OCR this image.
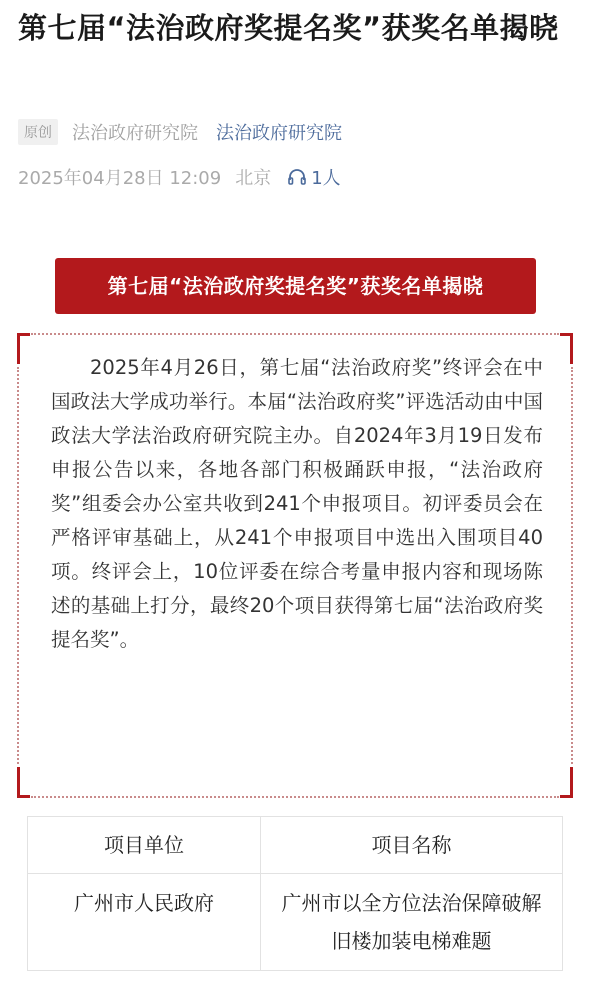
第七届“法治政府奖提名奖”获奖名单揭晓
原创	法治政府研究院 法治政府研究院
2025年04月28日 12:09 北京 1人
第七届“法治政府奖提名奖”获奖名单揭晓

2025年4月26日，第七届“法治政府奖”终评会在中国政法大学成功举行。本届“法治政府奖”评选活动由中国政法大学法治政府研究院主办。自2024年3月19日发布申报公告以来，各地各部门积极踊跃申报，“法治政府奖”组委会办公室共收到241个申报项目。初评委员会在严格评审基础上，从241个申报项目中选出入围项目40项。终评会上，10位评委在综合考量申报内容和现场陈述的基础上打分，最终20个项目获得第七届“法治政府奖提名奖”。

项目单位	项目名称
广州市人民政府	广州市以全方位法治保障破解旧楼加装电梯难题
